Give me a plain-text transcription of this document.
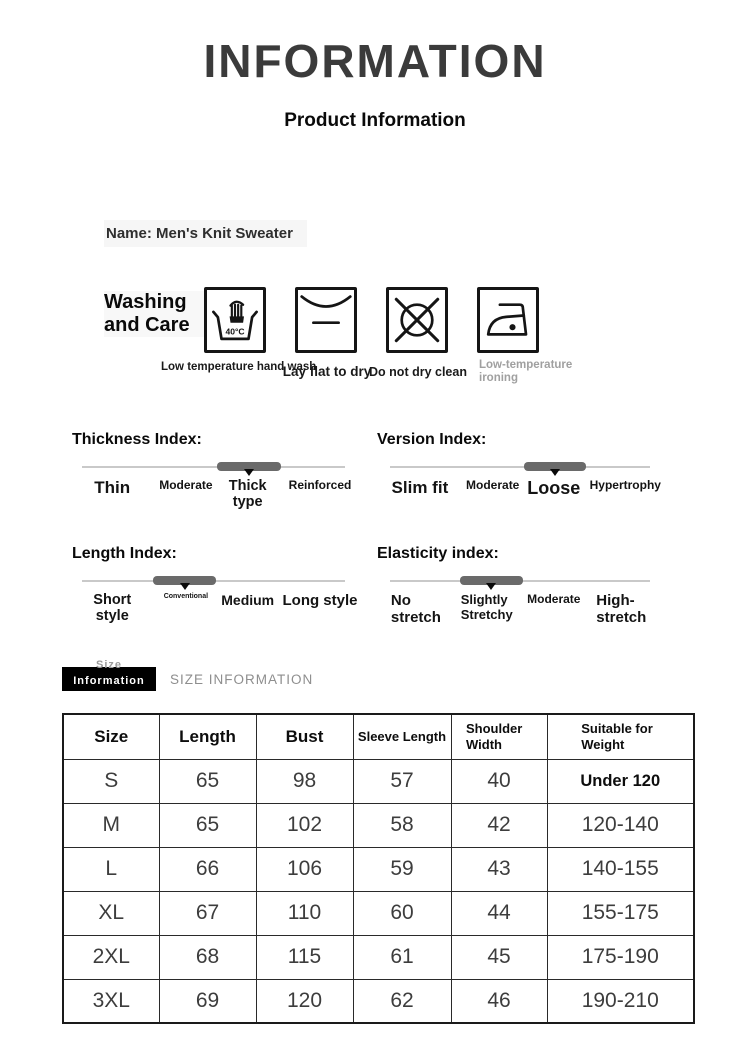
INFORMATION
Product Information
Name: Men's Knit Sweater
Washing
and Care	40°C
Low temperature hand wash
Lay flat to dry
Do not dry clean Low-temperature ironing
Thickness Index:
Thin Moderate	Thick type
Reinforced
Version Index:
Slim fit Moderate Loose Hypertrophy
Length Index:
Short style
Conventional Medium Long style
Elasticity index:
No stretch
Slightly Stretchy
Moderate High-stretch
Size
Information SIZE INFORMATION
Size	Length	Bust	Sleeve Length	Shoulder Width	Suitable for Weight
S	65	98	57	40	Under 120
M	65	102	58	42	120-140
L	66	106	59	43	140-155
XL	67	110	60	44	155-175
2XL	68	115	61	45	175-190
3XL	69	120	62	46	190-210
